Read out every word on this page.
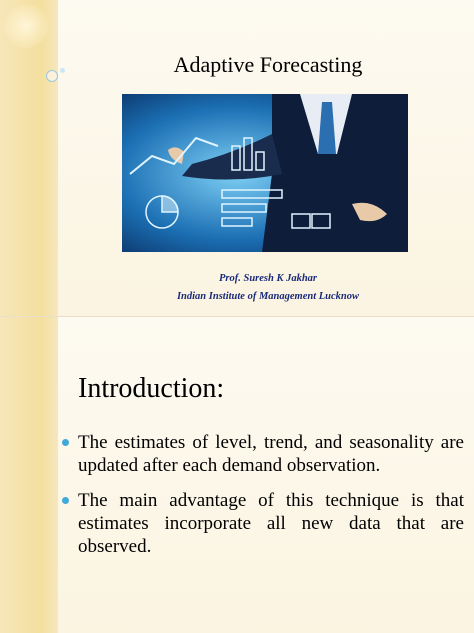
Adaptive Forecasting
Prof. Suresh K Jakhar
Indian Institute of Management Lucknow
Introduction:
The estimates of level, trend, and seasonality are updated after each demand observation.
The main advantage of this technique is that estimates incorporate all new data that are observed.
